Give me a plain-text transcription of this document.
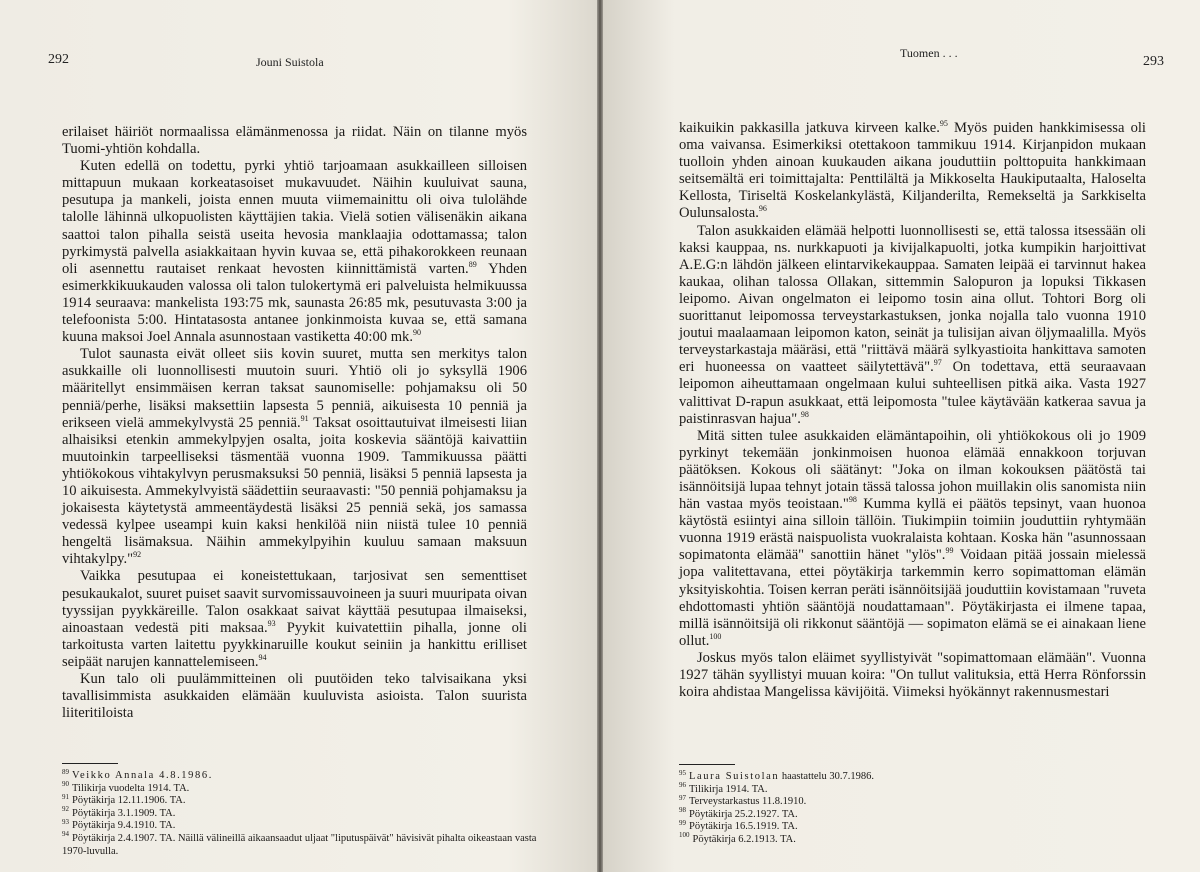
292	Jouni Suistola

erilaiset häiriöt normaalissa elämänmenossa ja riidat. Näin on tilanne myös Tuomi-yhtiön kohdalla.

Kuten edellä on todettu, pyrki yhtiö tarjoamaan asukkailleen silloisen mittapuun mukaan korkeatasoiset mukavuudet. Näihin kuuluivat sauna, pesutupa ja mankeli, joista ennen muuta viimemainittu oli oiva tulolähde talolle lähinnä ulkopuolisten käyttäjien takia. Vielä sotien välisenäkin aikana saattoi talon pihalla seistä useita hevosia manklaajia odottamassa; talon pyrkimystä palvella asiakkaitaan hyvin kuvaa se, että pihakorokkeen reunaan oli asennettu rautaiset renkaat hevosten kiinnittämistä varten.$^{89}$ Yhden esimerkkikuukauden valossa oli talon tulokertymä eri palveluista helmikuussa 1914 seuraava: mankelista 193:75 mk, saunasta 26:85 mk, pesutuvasta 3:00 ja telefoonista 5:00. Hintatasosta antanee jonkinmoista kuvaa se, että samana kuuna maksoi Joel Annala asunnostaan vastiketta 40:00 mk.$^{90}$

Tulot saunasta eivät olleet siis kovin suuret, mutta sen merkitys talon asukkaille oli luonnollisesti muutoin suuri. Yhtiö oli jo syksyllä 1906 määritellyt ensimmäisen kerran taksat saunomiselle: pohjamaksu oli 50 penniä/perhe, lisäksi maksettiin lapsesta 5 penniä, aikuisesta 10 penniä ja erikseen vielä ammekylvystä 25 penniä.$^{91}$ Taksat osoittautuivat ilmeisesti liian alhaisiksi etenkin ammekylpyjen osalta, joita koskevia sääntöjä kaivattiin muutoinkin tarpeelliseksi täsmentää vuonna 1909. Tammikuussa päätti yhtiökokous vihtakylvyn perusmaksuksi 50 penniä, lisäksi 5 penniä lapsesta ja 10 aikuisesta. Ammekylvyistä säädettiin seuraavasti: "50 penniä pohjamaksu ja jokaisesta käytetystä ammeentäydestä lisäksi 25 penniä sekä, jos samassa vedessä kylpee useampi kuin kaksi henkilöä niin niistä tulee 10 penniä hengeltä lisämaksua. Näihin ammekylpyihin kuuluu samaan maksuun vihtakylpy."$^{92}$

Vaikka pesutupaa ei koneistettukaan, tarjosivat sen sementtiset pesukaukalot, suuret puiset saavit survomissauvoineen ja suuri muuripata oivan tyyssijan pyykkäreille. Talon osakkaat saivat käyttää pesutupaa ilmaiseksi, ainoastaan vedestä piti maksaa.$^{93}$ Pyykit kuivatettiin pihalla, jonne oli tarkoitusta varten laitettu pyykkinaruille koukut seiniin ja hankittu erilliset seipäät narujen kannattelemiseen.$^{94}$

Kun talo oli puulämmitteinen oli puutöiden teko talvisaikana yksi tavallisimmista asukkaiden elämään kuuluvista asioista. Talon suurista liiteritiloista

$^{89}$ Veikko Annala 4.8.1986.
$^{90}$ Tilikirja vuodelta 1914. TA.
$^{91}$ Pöytäkirja 12.11.1906. TA.
$^{92}$ Pöytäkirja 3.1.1909. TA.
$^{93}$ Pöytäkirja 9.4.1910. TA.
$^{94}$ Pöytäkirja 2.4.1907. TA. Näillä välineillä aikaansaadut uljaat "liputuspäivät" hävisivät pihalta oikeastaan vasta 1970-luvulla.
Tuomen . . .
293

kaikuikin pakkasilla jatkuva kirveen kalke.$^{95}$ Myös puiden hankkimisessa oli oma vaivansa. Esimerkiksi otettakoon tammikuu 1914. Kirjanpidon mukaan tuolloin yhden ainoan kuukauden aikana jouduttiin polttopuita hankkimaan seitsemältä eri toimittajalta: Penttilältä ja Mikkoselta Haukiputaalta, Haloselta Kellosta, Tiriseltä Koskelankylästä, Kiljanderilta, Remekseltä ja Sarkkiselta Oulunsalosta.$^{96}$

Talon asukkaiden elämää helpotti luonnollisesti se, että talossa itsessään oli kaksi kauppaa, ns. nurkkapuoti ja kivijalkapuolti, jotka kumpikin harjoittivat A.E.G:n lähdön jälkeen elintarvikekauppaa. Samaten leipää ei tarvinnut hakea kaukaa, olihan talossa Ollakan, sittemmin Salopuron ja lopuksi Tikkasen leipomo. Aivan ongelmaton ei leipomo tosin aina ollut. Tohtori Borg oli suorittanut leipomossa terveystarkastuksen, jonka nojalla talo vuonna 1910 joutui maalaamaan leipomon katon, seinät ja tulisijan aivan öljymaalilla. Myös terveystarkastaja määräsi, että "riittävä määrä sylkyastioita hankittava samoten eri huoneessa on vaatteet säilytettävä".$^{97}$ On todettava, että seuraavaan leipomon aiheuttamaan ongelmaan kului suhteellisen pitkä aika. Vasta 1927 valittivat D-rapun asukkaat, että leipomosta "tulee käytävään katkeraa savua ja paistinrasvan hajua".$^{98}$

Mitä sitten tulee asukkaiden elämäntapoihin, oli yhtiökokous oli jo 1909 pyrkinyt tekemään jonkinmoisen huonoa elämää ennakkoon torjuvan päätöksen. Kokous oli säätänyt: "Joka on ilman kokouksen päätöstä tai isännöitsijä lupaa tehnyt jotain tässä talossa johon muillakin olis sanomista niin hän vastaa myös teoistaan."$^{98}$ Kumma kyllä ei päätös tepsinyt, vaan huonoa käytöstä esiintyi aina silloin tällöin. Tiukimpiin toimiin jouduttiin ryhtymään vuonna 1919 erästä naispuolista vuokralaista kohtaan. Koska hän "asunnossaan sopimatonta elämää" sanottiin hänet "ylös".$^{99}$ Voidaan pitää jossain mielessä jopa valitettavana, ettei pöytäkirja tarkemmin kerro sopimattoman elämän yksityiskohtia. Toisen kerran peräti isännöitsijää jouduttiin kovistamaan "ruveta ehdottomasti yhtiön sääntöjä noudattamaan". Pöytäkirjasta ei ilmene tapaa, millä isännöitsijä oli rikkonut sääntöjä — sopimaton elämä se ei ainakaan liene ollut.$^{100}$

Joskus myös talon eläimet syyllistyivät "sopimattomaan elämään". Vuonna 1927 tähän syyllistyi muuan koira: "On tullut valituksia, että Herra Rönforssin koira ahdistaa Mangelissa kävijöitä. Viimeksi hyökännyt rakennusmestari

$^{95}$ Laura Suistolan haastattelu 30.7.1986.
$^{96}$ Tilikirja 1914. TA.
$^{97}$ Terveystarkastus 11.8.1910.
$^{98}$ Pöytäkirja 25.2.1927. TA.
$^{99}$ Pöytäkirja 16.5.1919. TA.
$^{100}$ Pöytäkirja 6.2.1913. TA.
